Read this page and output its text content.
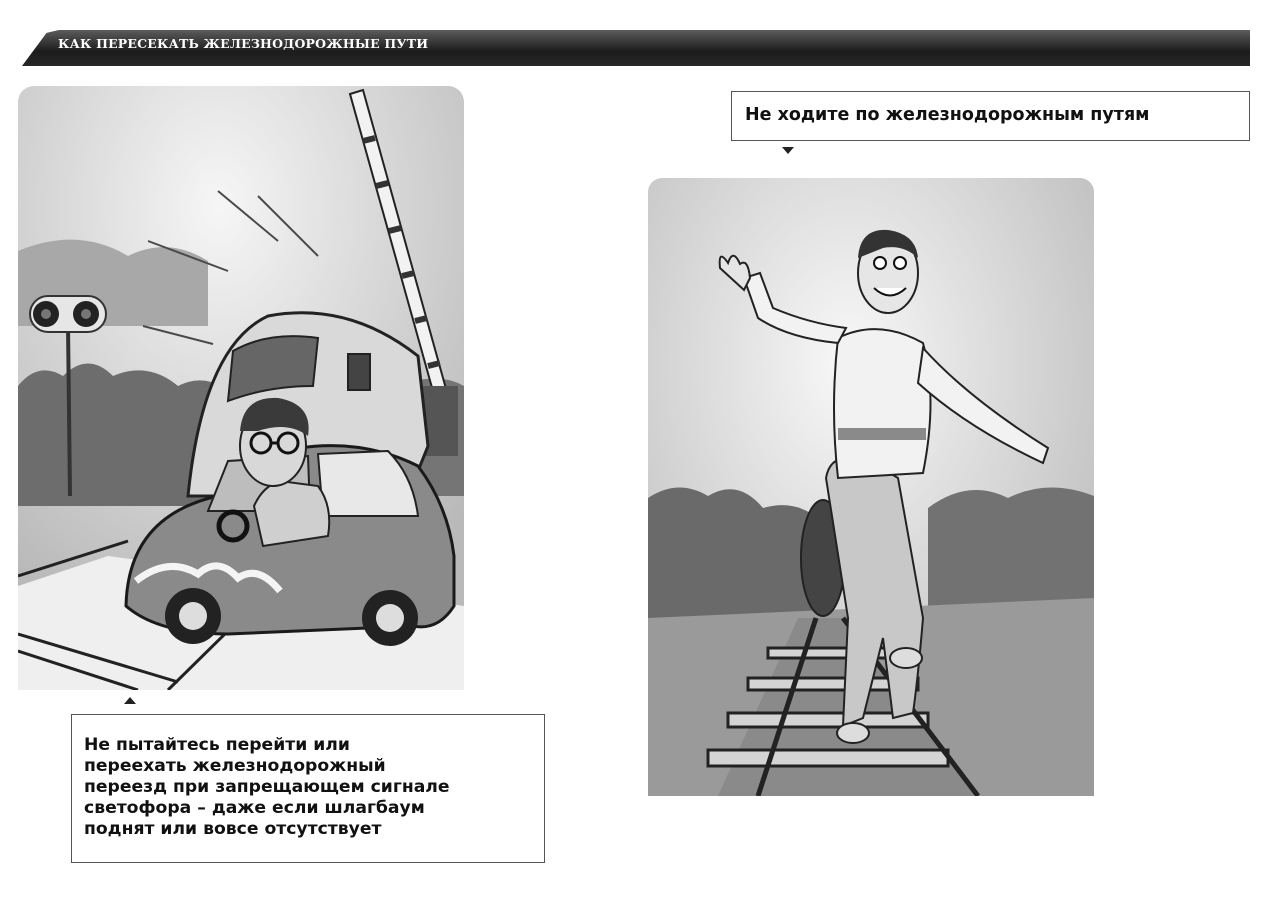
КАК ПЕРЕСЕКАТЬ ЖЕЛЕЗНОДОРОЖНЫЕ ПУТИ
Не пытайтесь перейти или
переехать железнодорожный
переезд при запрещающем сигнале
светофора – даже если шлагбаум
поднят или вовсе отсутствует
Не ходите по железнодорожным путям
